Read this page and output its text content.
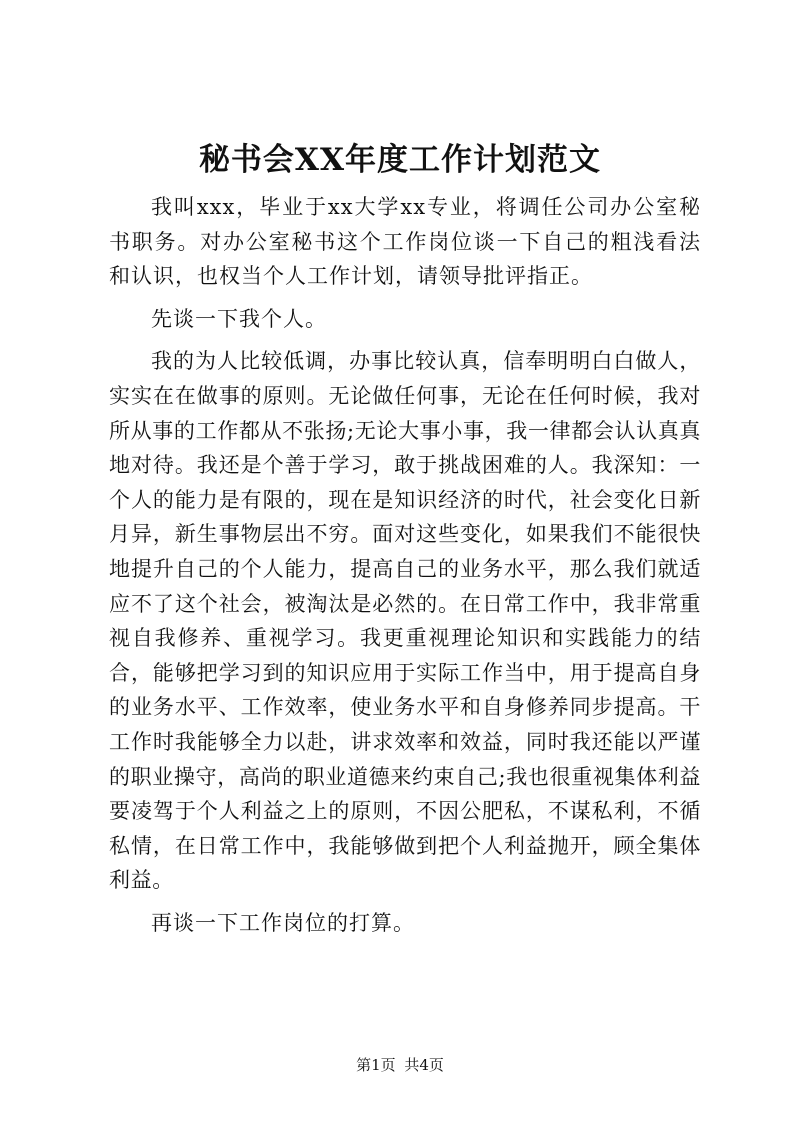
秘书会XX年度工作计划范文

我叫xxx，毕业于xx大学xx专业，将调任公司办公室秘书职务。对办公室秘书这个工作岗位谈一下自己的粗浅看法和认识，也权当个人工作计划，请领导批评指正。

先谈一下我个人。

我的为人比较低调，办事比较认真，信奉明明白白做人，实实在在做事的原则。无论做任何事，无论在任何时候，我对所从事的工作都从不张扬;无论大事小事，我一律都会认认真真地对待。我还是个善于学习，敢于挑战困难的人。我深知：一个人的能力是有限的，现在是知识经济的时代，社会变化日新月异，新生事物层出不穷。面对这些变化，如果我们不能很快地提升自己的个人能力，提高自己的业务水平，那么我们就适应不了这个社会，被淘汰是必然的。在日常工作中，我非常重视自我修养、重视学习。我更重视理论知识和实践能力的结合，能够把学习到的知识应用于实际工作当中，用于提高自身的业务水平、工作效率，使业务水平和自身修养同步提高。干工作时我能够全力以赴，讲求效率和效益，同时我还能以严谨的职业操守，高尚的职业道德来约束自己;我也很重视集体利益要凌驾于个人利益之上的原则，不因公肥私，不谋私利，不循私情，在日常工作中，我能够做到把个人利益抛开，顾全集体利益。

再谈一下工作岗位的打算。

第1页 共4页
